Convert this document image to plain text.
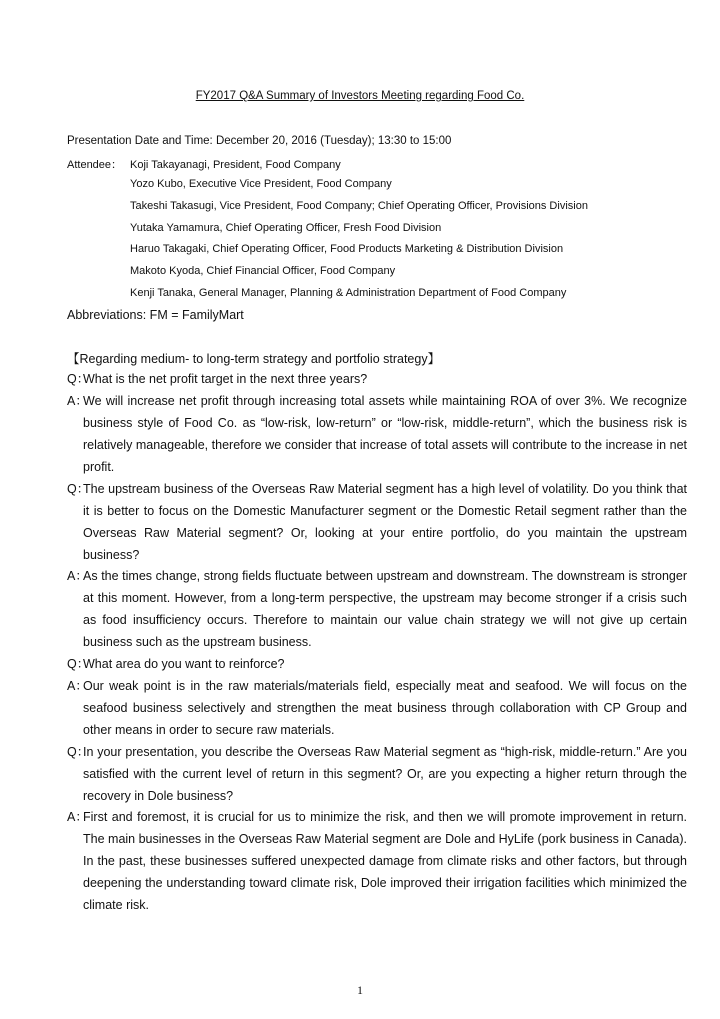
FY2017 Q&A Summary of Investors Meeting regarding Food Co.
Presentation Date and Time: December 20, 2016 (Tuesday); 13:30 to 15:00
Attendee： Koji Takayanagi, President, Food Company
Yozo Kubo, Executive Vice President, Food Company
Takeshi Takasugi, Vice President, Food Company; Chief Operating Officer, Provisions Division
Yutaka Yamamura, Chief Operating Officer, Fresh Food Division
Haruo Takagaki, Chief Operating Officer, Food Products Marketing & Distribution Division
Makoto Kyoda, Chief Financial Officer, Food Company
Kenji Tanaka, General Manager, Planning & Administration Department of Food Company
Abbreviations: FM = FamilyMart
【Regarding medium- to long-term strategy and portfolio strategy】
Q：
What is the net profit target in the next three years?
A：
We will increase net profit through increasing total assets while maintaining ROA of over 3%. We recognize business style of Food Co. as “low-risk, low-return” or “low-risk, middle-return”, which the business risk is relatively manageable, therefore we consider that increase of total assets will contribute to the increase in net profit.
Q：
The upstream business of the Overseas Raw Material segment has a high level of volatility. Do you think that it is better to focus on the Domestic Manufacturer segment or the Domestic Retail segment rather than the Overseas Raw Material segment? Or, looking at your entire portfolio, do you maintain the upstream business?
A：
As the times change, strong fields fluctuate between upstream and downstream. The downstream is stronger at this moment. However, from a long-term perspective, the upstream may become stronger if a crisis such as food insufficiency occurs. Therefore to maintain our value chain strategy we will not give up certain business such as the upstream business.
Q：
What area do you want to reinforce?
A：
Our weak point is in the raw materials/materials field, especially meat and seafood. We will focus on the seafood business selectively and strengthen the meat business through collaboration with CP Group and other means in order to secure raw materials.
Q：
In your presentation, you describe the Overseas Raw Material segment as “high-risk, middle-return.” Are you satisfied with the current level of return in this segment? Or, are you expecting a higher return through the recovery in Dole business?
A：
First and foremost, it is crucial for us to minimize the risk, and then we will promote improvement in return. The main businesses in the Overseas Raw Material segment are Dole and HyLife (pork business in Canada). In the past, these businesses suffered unexpected damage from climate risks and other factors, but through deepening the understanding toward climate risk, Dole improved their irrigation facilities which minimized the climate risk.
1
